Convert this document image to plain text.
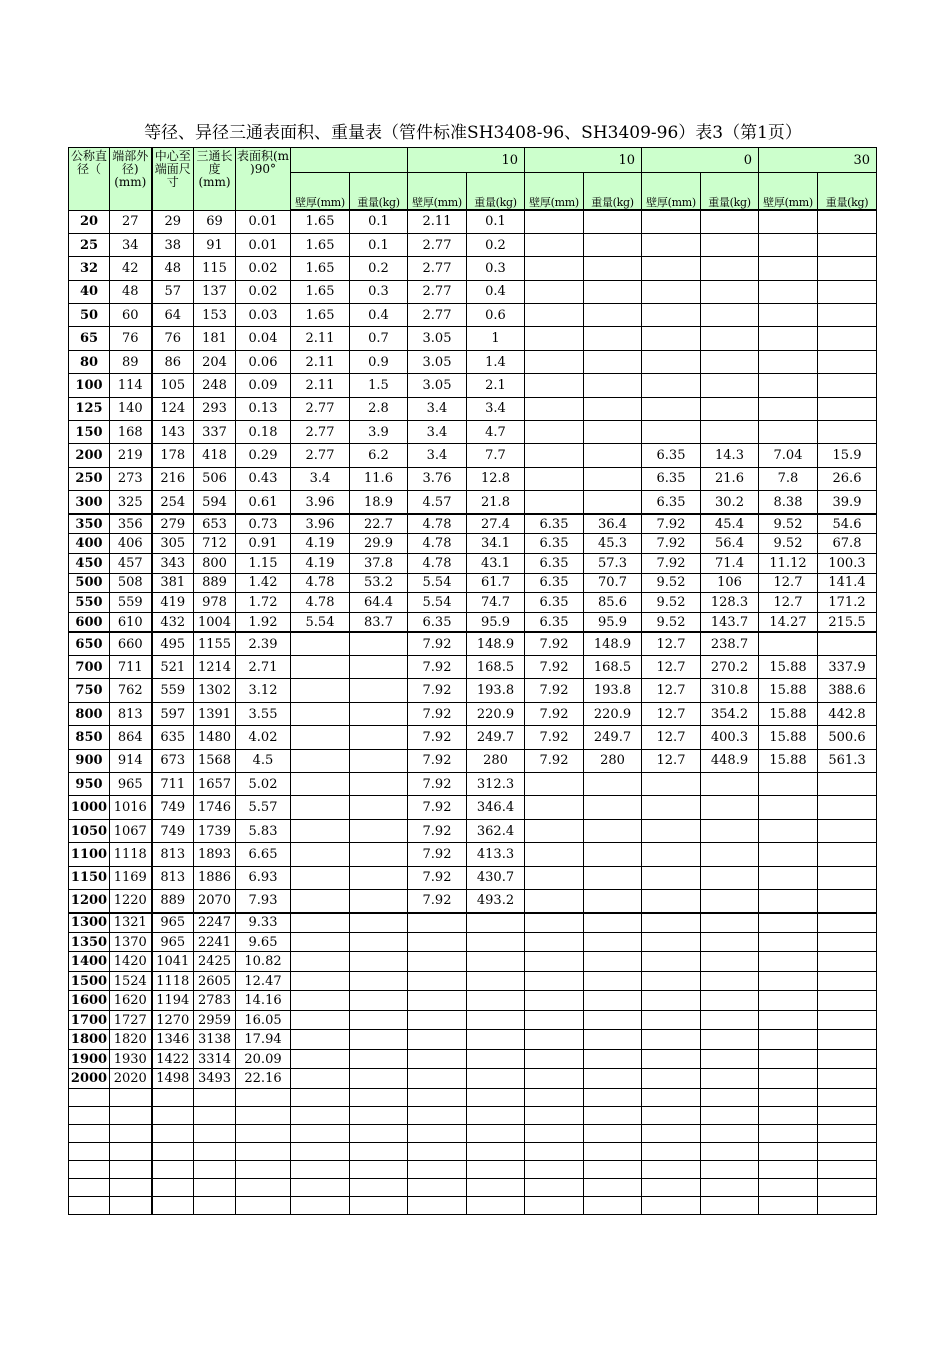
等径、异径三通表面积、重量表（管件标准SH3408-96、SH3409-96）表3（第1页）
公称直径（	端部外径)(mm)	中心至端面尺寸	三通长度(mm)	表面积(m )90°			10		10		0		30	
					壁厚(mm)	重量(kg)	壁厚(mm)	重量(kg)	壁厚(mm)	重量(kg)	壁厚(mm)	重量(kg)	壁厚(mm)	重量(kg)
20	27	29	69	0.01	1.65	0.1	2.11	0.1						
25	34	38	91	0.01	1.65	0.1	2.77	0.2						
32	42	48	115	0.02	1.65	0.2	2.77	0.3						
40	48	57	137	0.02	1.65	0.3	2.77	0.4						
50	60	64	153	0.03	1.65	0.4	2.77	0.6						
65	76	76	181	0.04	2.11	0.7	3.05	1						
80	89	86	204	0.06	2.11	0.9	3.05	1.4						
100	114	105	248	0.09	2.11	1.5	3.05	2.1						
125	140	124	293	0.13	2.77	2.8	3.4	3.4						
150	168	143	337	0.18	2.77	3.9	3.4	4.7						
200	219	178	418	0.29	2.77	6.2	3.4	7.7			6.35	14.3	7.04	15.9
250	273	216	506	0.43	3.4	11.6	3.76	12.8			6.35	21.6	7.8	26.6
300	325	254	594	0.61	3.96	18.9	4.57	21.8			6.35	30.2	8.38	39.9
350	356	279	653	0.73	3.96	22.7	4.78	27.4	6.35	36.4	7.92	45.4	9.52	54.6
400	406	305	712	0.91	4.19	29.9	4.78	34.1	6.35	45.3	7.92	56.4	9.52	67.8
450	457	343	800	1.15	4.19	37.8	4.78	43.1	6.35	57.3	7.92	71.4	11.12	100.3
500	508	381	889	1.42	4.78	53.2	5.54	61.7	6.35	70.7	9.52	106	12.7	141.4
550	559	419	978	1.72	4.78	64.4	5.54	74.7	6.35	85.6	9.52	128.3	12.7	171.2
600	610	432	1004	1.92	5.54	83.7	6.35	95.9	6.35	95.9	9.52	143.7	14.27	215.5
650	660	495	1155	2.39			7.92	148.9	7.92	148.9	12.7	238.7		
700	711	521	1214	2.71			7.92	168.5	7.92	168.5	12.7	270.2	15.88	337.9
750	762	559	1302	3.12			7.92	193.8	7.92	193.8	12.7	310.8	15.88	388.6
800	813	597	1391	3.55			7.92	220.9	7.92	220.9	12.7	354.2	15.88	442.8
850	864	635	1480	4.02			7.92	249.7	7.92	249.7	12.7	400.3	15.88	500.6
900	914	673	1568	4.5			7.92	280	7.92	280	12.7	448.9	15.88	561.3
950	965	711	1657	5.02			7.92	312.3						
1000	1016	749	1746	5.57			7.92	346.4						
1050	1067	749	1739	5.83			7.92	362.4						
1100	1118	813	1893	6.65			7.92	413.3						
1150	1169	813	1886	6.93			7.92	430.7						
1200	1220	889	2070	7.93			7.92	493.2						
1300	1321	965	2247	9.33										
1350	1370	965	2241	9.65										
1400	1420	1041	2425	10.82										
1500	1524	1118	2605	12.47										
1600	1620	1194	2783	14.16										
1700	1727	1270	2959	16.05										
1800	1820	1346	3138	17.94										
1900	1930	1422	3314	20.09										
2000	2020	1498	3493	22.16										
